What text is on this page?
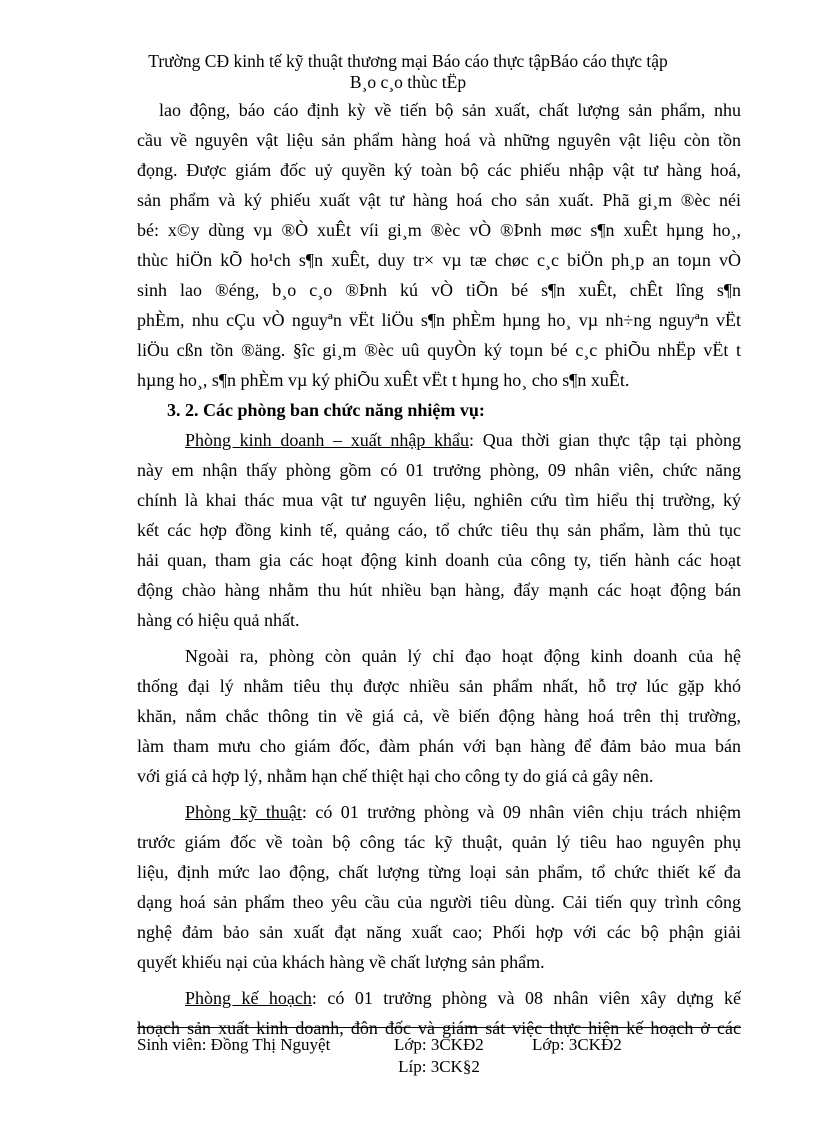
Trường CĐ kinh tế kỹ thuật thương mại Báo cáo thực tậpBáo cáo thực tập
B¸o c¸o thùc tËp
lao động, báo cáo định kỳ về tiến bộ sản xuất, chất lượng sản phẩm, nhu
cầu về nguyên vật liệu sản phẩm hàng hoá và những nguyên vật liệu còn tồn
đọng. Được giám đốc uỷ quyền ký toàn bộ các phiếu nhập vật tư hàng hoá,
sản phẩm và ký phiếu xuất vật tư hàng hoá cho sản xuất. Phã gi¸m ®èc néi
bé: x©y dùng vµ ®Ò xuÊt víi gi¸m ®èc vÒ ®Þnh møc s¶n xuÊt hµng ho¸,
thùc hiÖn kÕ ho¹ch s¶n xuÊt, duy tr× vµ tæ chøc c¸c biÖn ph¸p an toµn vÒ
sinh lao ®éng, b¸o c¸o ®Þnh kú vÒ tiÕn bé s¶n xuÊt, chÊt lîng s¶n
phÈm, nhu cÇu vÒ nguyªn vËt liÖu s¶n phÈm hµng ho¸ vµ nh÷ng nguyªn vËt
liÖu cßn tồn ®äng. §îc gi¸m ®èc uû quyÒn ký toµn bé c¸c phiÕu nhËp vËt t
hµng ho¸, s¶n phÈm vµ ký phiÕu xuÊt vËt t hµng ho¸ cho s¶n xuÊt.
3. 2. Các phòng ban chức năng nhiệm vụ:
Phòng kinh doanh – xuất nhập khẩu: Qua thời gian thực tập tại phòng
này em nhận thấy phòng gồm có 01 trưởng phòng, 09 nhân viên, chức năng
chính là khai thác mua vật tư nguyên liệu, nghiên cứu tìm hiểu thị trường, ký
kết các hợp đồng kinh tế, quảng cáo, tổ chức tiêu thụ sản phẩm, làm thủ tục
hải quan, tham gia các hoạt động kinh doanh của công ty, tiến hành các hoạt
động chào hàng nhằm thu hút nhiều bạn hàng, đẩy mạnh các hoạt động bán
hàng có hiệu quả nhất.
Ngoài ra, phòng còn quản lý chỉ đạo hoạt động kinh doanh của hệ
thống đại lý nhằm tiêu thụ được nhiều sản phẩm nhất, hỗ trợ lúc gặp khó
khăn, nắm chắc thông tin về giá cả, về biến động hàng hoá trên thị trường,
làm tham mưu cho giám đốc, đàm phán với bạn hàng để đảm bảo mua bán
với giá cả hợp lý, nhằm hạn chế thiệt hại cho công ty do giá cả gây nên.
Phòng kỹ thuật: có 01 trưởng phòng và 09 nhân viên chịu trách nhiệm
trước giám đốc về toàn bộ công tác kỹ thuật, quản lý tiêu hao nguyên phụ
liệu, định mức lao động, chất lượng từng loại sản phẩm, tổ chức thiết kế đa
dạng hoá sản phẩm theo yêu cầu của người tiêu dùng. Cải tiến quy trình công
nghệ đảm bảo sản xuất đạt năng xuất cao; Phối hợp với các bộ phận giải
quyết khiếu nại của khách hàng về chất lượng sản phẩm.
Phòng kế hoạch: có 01 trưởng phòng và 08 nhân viên xây dựng kế
hoạch sản xuất kinh doanh, đôn đốc và giám sát việc thực hiện kế hoạch ở các
Sinh viên: Đồng Thị Nguyệt	Lớp: 3CKĐ2	Lớp: 3CKĐ2
Líp: 3CK§2
